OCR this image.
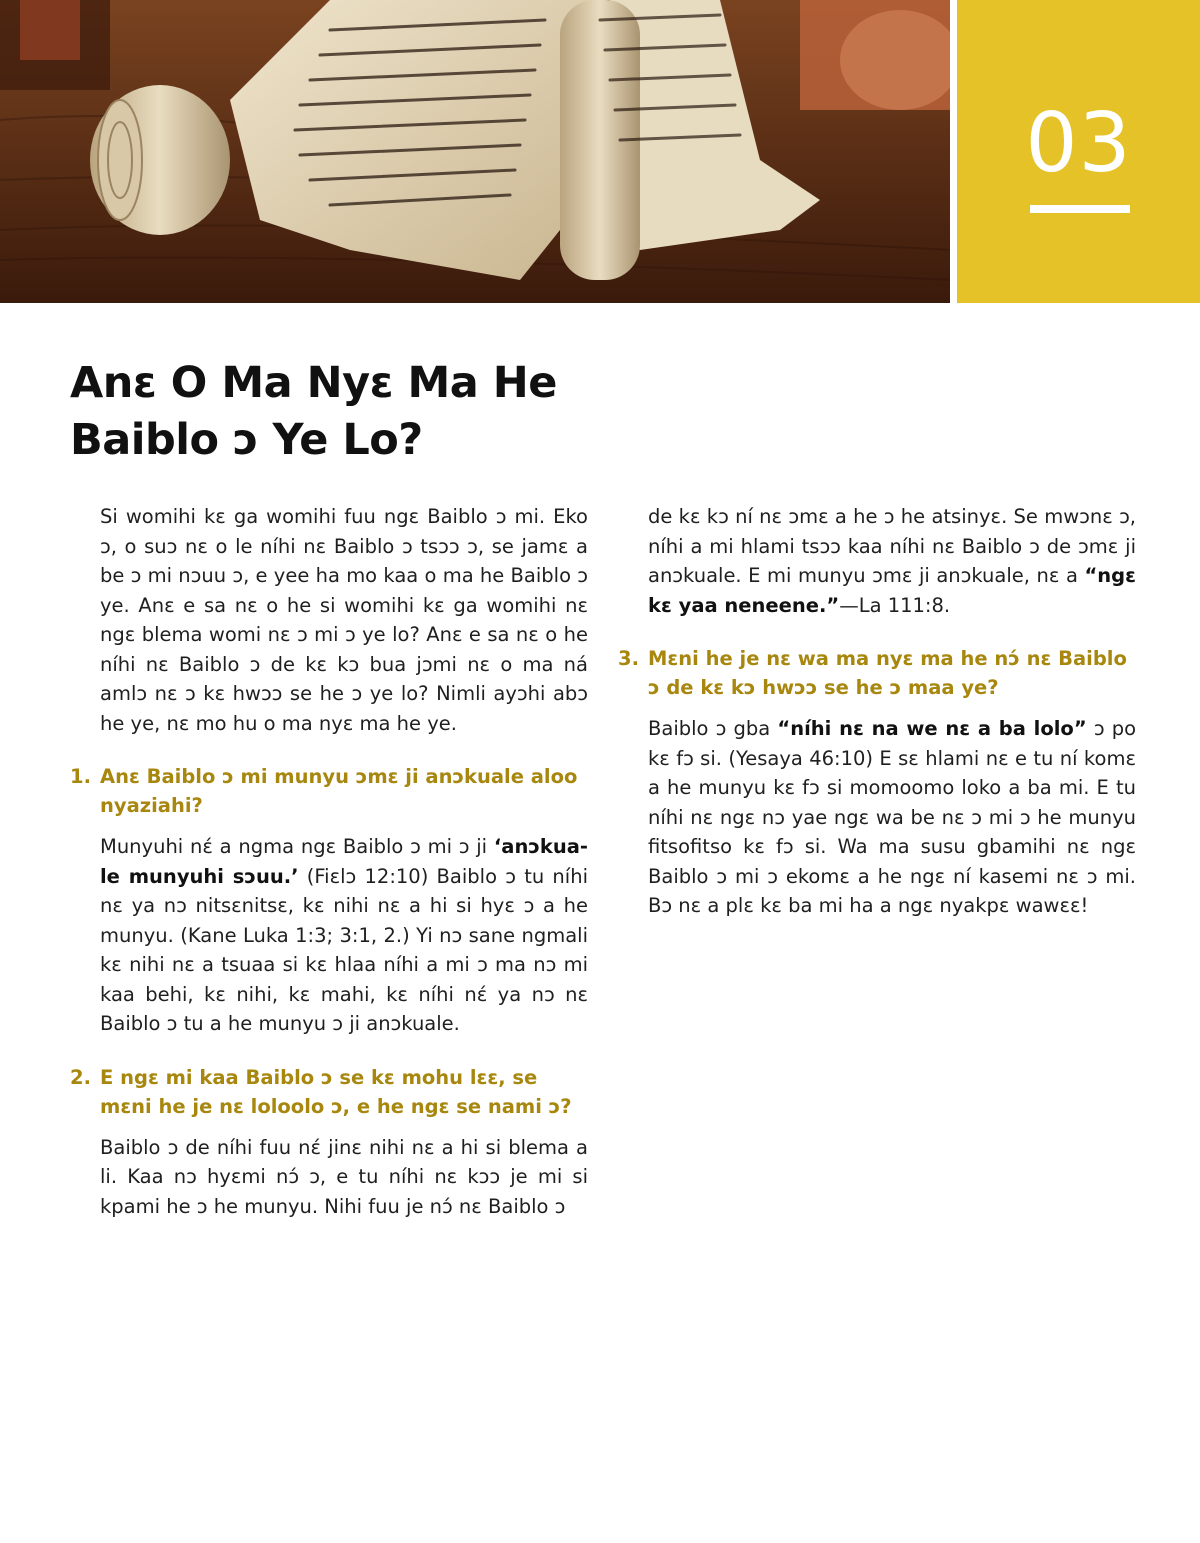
03
Anɛ O Ma Nyɛ Ma He Baiblo ɔ Ye Lo?

Si womihi kɛ ga womihi fuu ngɛ Baiblo ɔ mi. Eko ɔ, o suɔ nɛ o le níhi nɛ Baiblo ɔ tsɔɔ ɔ, se jamɛ a be ɔ mi nɔuu ɔ, e yee ha mo kaa o ma he Baiblo ɔ ye. Anɛ e sa nɛ o he si womihi kɛ ga womihi nɛ ngɛ blema womi nɛ ɔ mi ɔ ye lo? Anɛ e sa nɛ o he níhi nɛ Baiblo ɔ de kɛ kɔ bua jɔmi nɛ o ma ná amlɔ nɛ ɔ kɛ hwɔɔ se he ɔ ye lo? Nimli ayɔhi abɔ he ye, nɛ mo hu o ma nyɛ ma he ye.

1. Anɛ Baiblo ɔ mi munyu ɔmɛ ji anɔkuale aloo nyaziahi?

Munyuhi nɛ́ a ngma ngɛ Baiblo ɔ mi ɔ ji ‘anɔkuale munyuhi sɔuu.’ (Fiɛlɔ 12:10) Baiblo ɔ tu níhi nɛ ya nɔ nitsɛnitsɛ, kɛ nihi nɛ a hi si hyɛ ɔ a he munyu. (Kane Luka 1:3; 3:1, 2.) Yi nɔ sane ngmali kɛ nihi nɛ a tsuaa si kɛ hlaa níhi a mi ɔ ma nɔ mi kaa behi, kɛ nihi, kɛ mahi, kɛ níhi nɛ́ ya nɔ nɛ Baiblo ɔ tu a he munyu ɔ ji anɔkuale.

2. E ngɛ mi kaa Baiblo ɔ se kɛ mohu lɛɛ, se mɛni he je nɛ loloolo ɔ, e he ngɛ se nami ɔ?

Baiblo ɔ de níhi fuu nɛ́ jinɛ nihi nɛ a hi si blema a li. Kaa nɔ hyɛmi nɔ́ ɔ, e tu níhi nɛ kɔɔ je mi si kpami he ɔ he munyu. Nihi fuu je nɔ́ nɛ Baiblo ɔ

de kɛ kɔ ní nɛ ɔmɛ a he ɔ he atsinyɛ. Se mwɔnɛ ɔ, níhi a mi hlami tsɔɔ kaa níhi nɛ Baiblo ɔ de ɔmɛ ji anɔkuale. E mi munyu ɔmɛ ji anɔkuale, nɛ a “ngɛ kɛ yaa neneene.”—La 111:8.

3. Mɛni he je nɛ wa ma nyɛ ma he nɔ́ nɛ Baiblo ɔ de kɛ kɔ hwɔɔ se he ɔ maa ye?

Baiblo ɔ gba “níhi nɛ na we nɛ a ba lolo” ɔ po kɛ fɔ si. (Yesaya 46:10) E sɛ hlami nɛ e tu ní komɛ a he munyu kɛ fɔ si momoomo loko a ba mi. E tu níhi nɛ ngɛ nɔ yae ngɛ wa be nɛ ɔ mi ɔ he munyu fitsofitso kɛ fɔ si. Wa ma susu gbamihi nɛ ngɛ Baiblo ɔ mi ɔ ekomɛ a he ngɛ ní kasemi nɛ ɔ mi. Bɔ nɛ a plɛ kɛ ba mi ha a ngɛ nyakpɛ wawɛɛ!
